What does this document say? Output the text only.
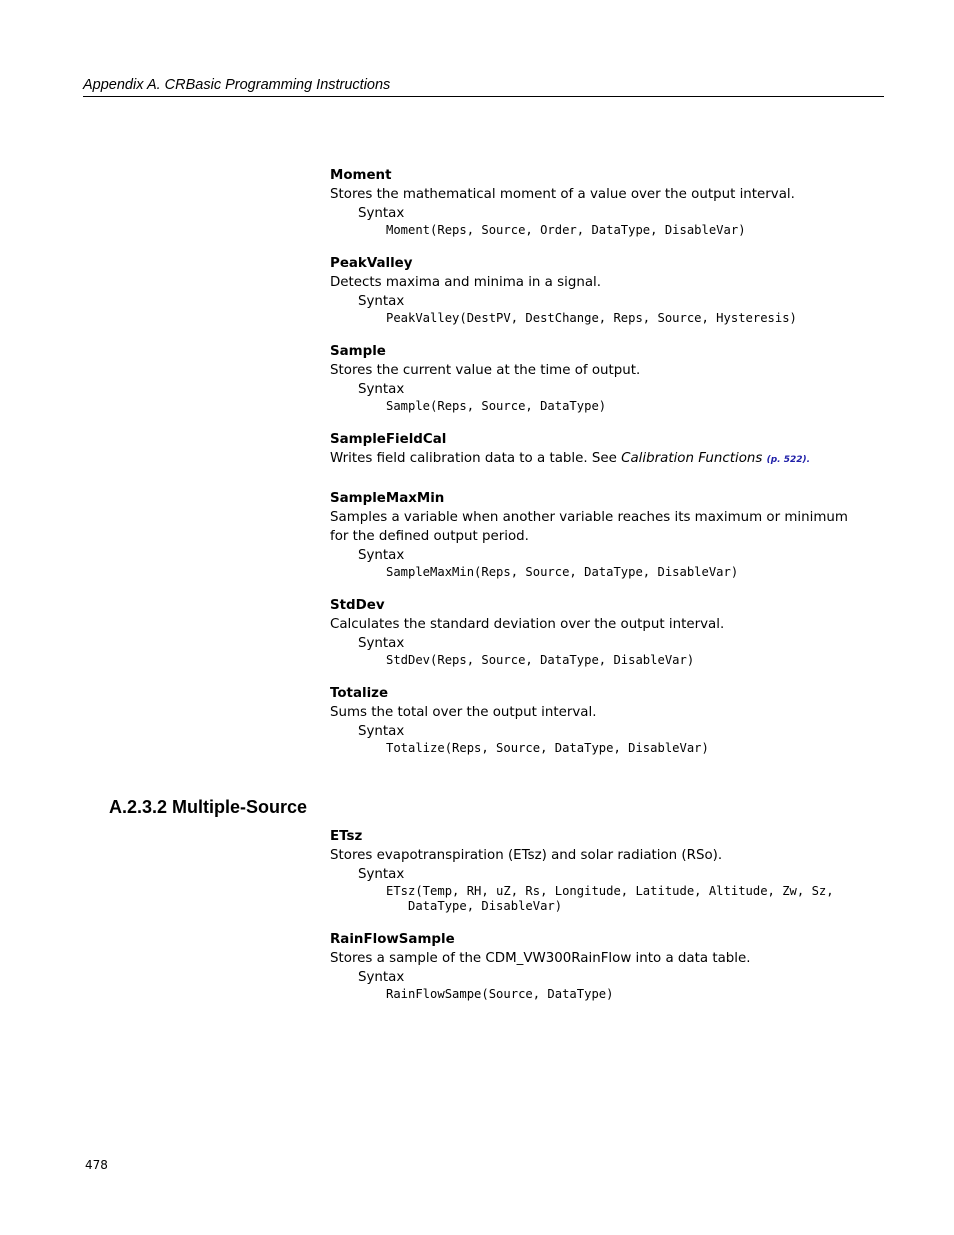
Appendix A. CRBasic Programming Instructions

Moment

Stores the mathematical moment of a value over the output interval.

Syntax

Moment(Reps, Source, Order, DataType, DisableVar)

PeakValley

Detects maxima and minima in a signal.

Syntax

PeakValley(DestPV, DestChange, Reps, Source, Hysteresis)

Sample

Stores the current value at the time of output.

Syntax

Sample(Reps, Source, DataType)

SampleFieldCal

Writes field calibration data to a table. See Calibration Functions (p. 522).

SampleMaxMin

Samples a variable when another variable reaches its maximum or minimum for the defined output period.

Syntax

SampleMaxMin(Reps, Source, DataType, DisableVar)

StdDev

Calculates the standard deviation over the output interval.

Syntax

StdDev(Reps, Source, DataType, DisableVar)

Totalize

Sums the total over the output interval.

Syntax

Totalize(Reps, Source, DataType, DisableVar)

A.2.3.2 Multiple-Source

ETsz

Stores evapotranspiration (ETsz) and solar radiation (RSo).

Syntax

ETsz(Temp, RH, uZ, Rs, Longitude, Latitude, Altitude, Zw, Sz,
DataType, DisableVar)

RainFlowSample

Stores a sample of the CDM_VW300RainFlow into a data table.

Syntax

RainFlowSampe(Source, DataType)

478
